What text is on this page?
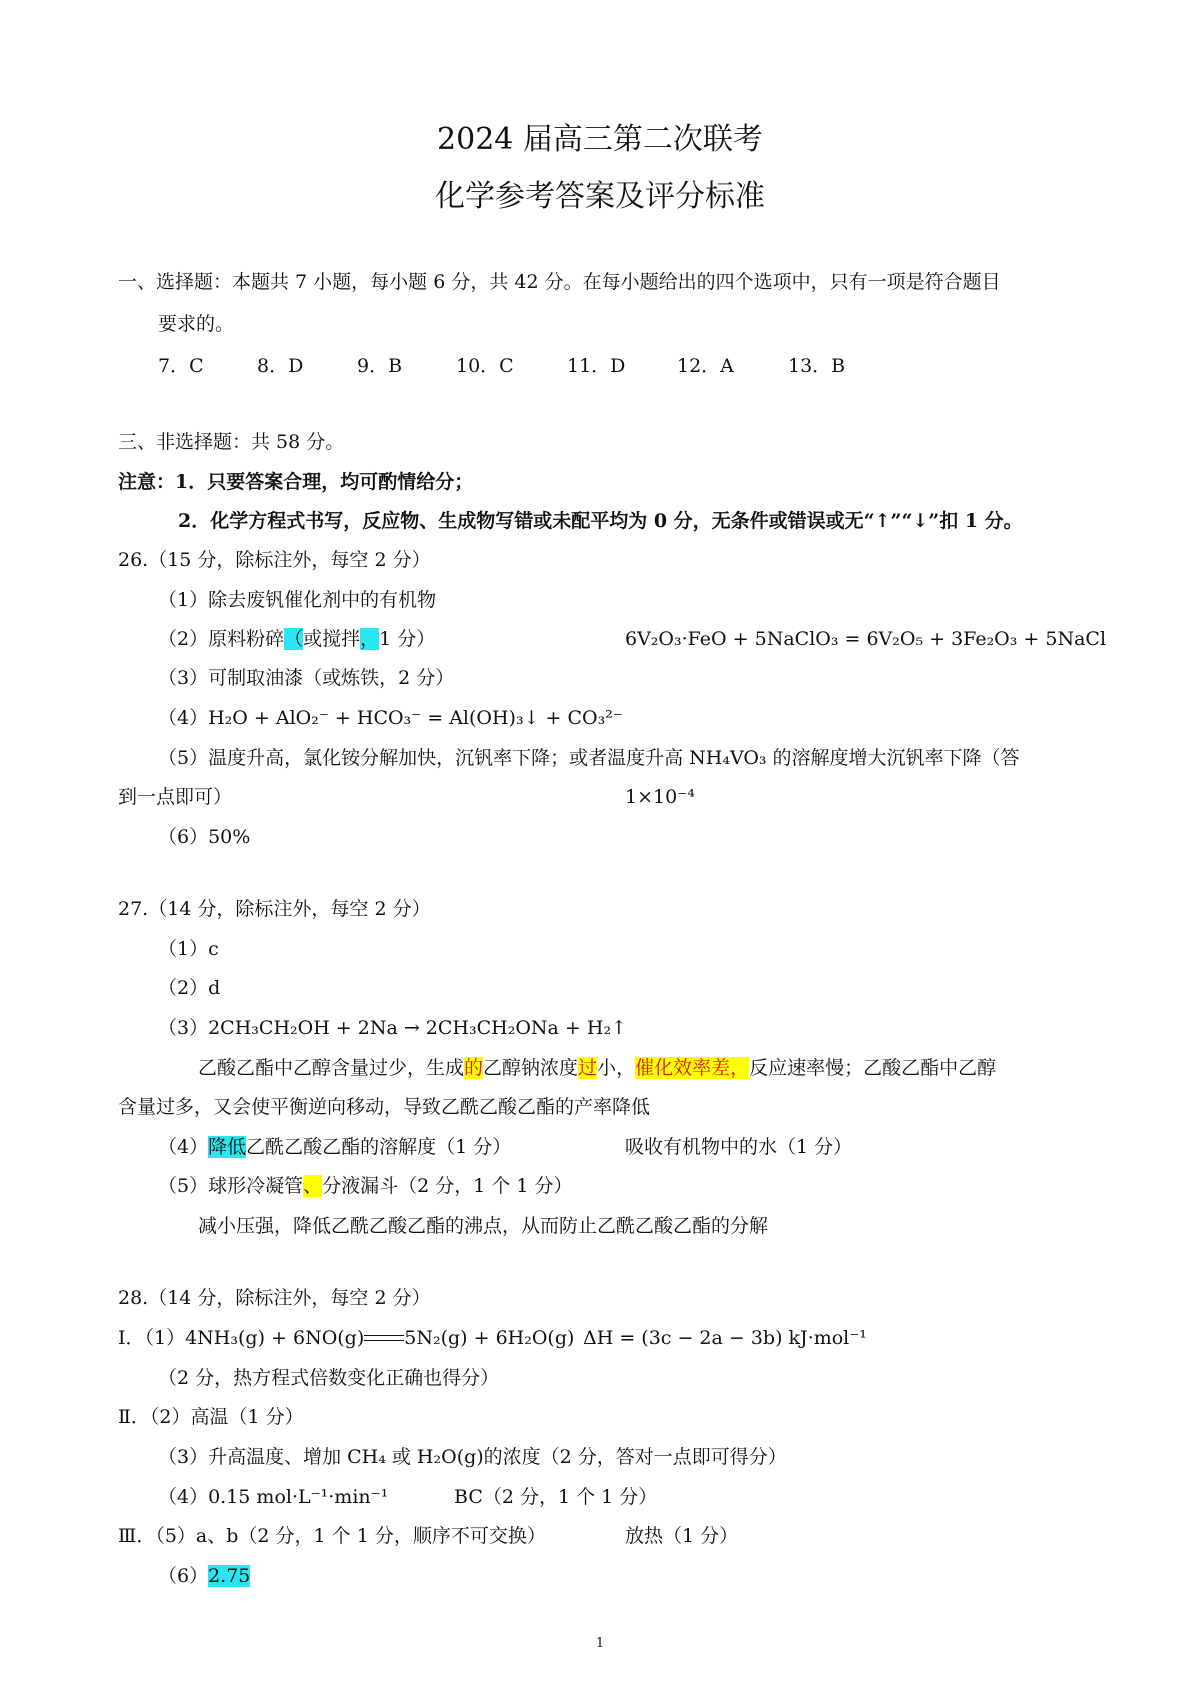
2024 届高三第二次联考
化学参考答案及评分标准
一、选择题：本题共 7 小题，每小题 6 分，共 42 分。在每小题给出的四个选项中，只有一项是符合题目
要求的。
7．C	8．D	9．B	10．C	11．D	12．A	13．B
三、非选择题：共 58 分。
注意：1．只要答案合理，均可酌情给分；
2．化学方程式书写，反应物、生成物写错或未配平均为 0 分，无条件或错误或无“↑”“↓”扣 1 分。
26.（15 分，除标注外，每空 2 分）
（1）除去废钒催化剂中的有机物
（2）原料粉碎（或搅拌，1 分）	6V₂O₃·FeO + 5NaClO₃ = 6V₂O₅ + 3Fe₂O₃ + 5NaCl
（3）可制取油漆（或炼铁，2 分）
（4）H₂O + AlO₂⁻ + HCO₃⁻ = Al(OH)₃↓ + CO₃²⁻
（5）温度升高，氯化铵分解加快，沉钒率下降；或者温度升高 NH₄VO₃ 的溶解度增大沉钒率下降（答
到一点即可）	1×10⁻⁴
（6）50%
27.（14 分，除标注外，每空 2 分）
（1）c
（2）d
（3）2CH₃CH₂OH + 2Na → 2CH₃CH₂ONa + H₂↑
乙酸乙酯中乙醇含量过少，生成的乙醇钠浓度过小，催化效率差，反应速率慢；乙酸乙酯中乙醇
含量过多，又会使平衡逆向移动，导致乙酰乙酸乙酯的产率降低
（4）降低乙酰乙酸乙酯的溶解度（1 分）	吸收有机物中的水（1 分）
（5）球形冷凝管、分液漏斗（2 分，1 个 1 分）
减小压强，降低乙酰乙酸乙酯的沸点，从而防止乙酰乙酸乙酯的分解
28.（14 分，除标注外，每空 2 分）
Ⅰ．（1）4NH₃(g) + 6NO(g) 5N₂(g) + 6H₂O(g) ΔH = (3c − 2a − 3b) kJ·mol⁻¹
（2 分，热方程式倍数变化正确也得分）
Ⅱ．（2）高温（1 分）
（3）升高温度、增加 CH₄ 或 H₂O(g)的浓度（2 分，答对一点即可得分）
（4）0.15 mol·L⁻¹·min⁻¹	BC（2 分，1 个 1 分）
Ⅲ．（5）a、b（2 分，1 个 1 分，顺序不可交换）	放热（1 分）
（6）2.75
1
